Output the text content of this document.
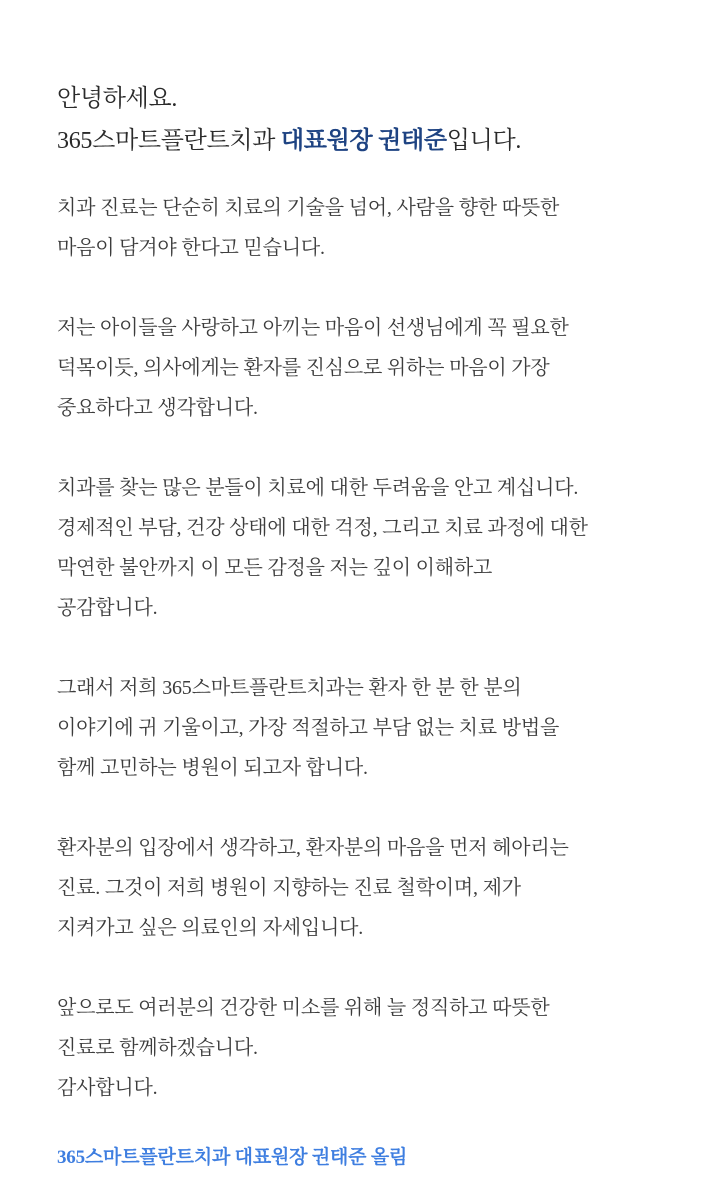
안녕하세요.
365스마트플란트치과 대표원장 권태준입니다.

치과 진료는 단순히 치료의 기술을 넘어, 사람을 향한 따뜻한
마음이 담겨야 한다고 믿습니다.

저는 아이들을 사랑하고 아끼는 마음이 선생님에게 꼭 필요한
덕목이듯, 의사에게는 환자를 진심으로 위하는 마음이 가장
중요하다고 생각합니다.

치과를 찾는 많은 분들이 치료에 대한 두려움을 안고 계십니다.
경제적인 부담, 건강 상태에 대한 걱정, 그리고 치료 과정에 대한
막연한 불안까지 이 모든 감정을 저는 깊이 이해하고
공감합니다.

그래서 저희 365스마트플란트치과는 환자 한 분 한 분의
이야기에 귀 기울이고, 가장 적절하고 부담 없는 치료 방법을
함께 고민하는 병원이 되고자 합니다.

환자분의 입장에서 생각하고, 환자분의 마음을 먼저 헤아리는
진료. 그것이 저희 병원이 지향하는 진료 철학이며, 제가
지켜가고 싶은 의료인의 자세입니다.

앞으로도 여러분의 건강한 미소를 위해 늘 정직하고 따뜻한
진료로 함께하겠습니다.
감사합니다.

365스마트플란트치과 대표원장 권태준 올림
